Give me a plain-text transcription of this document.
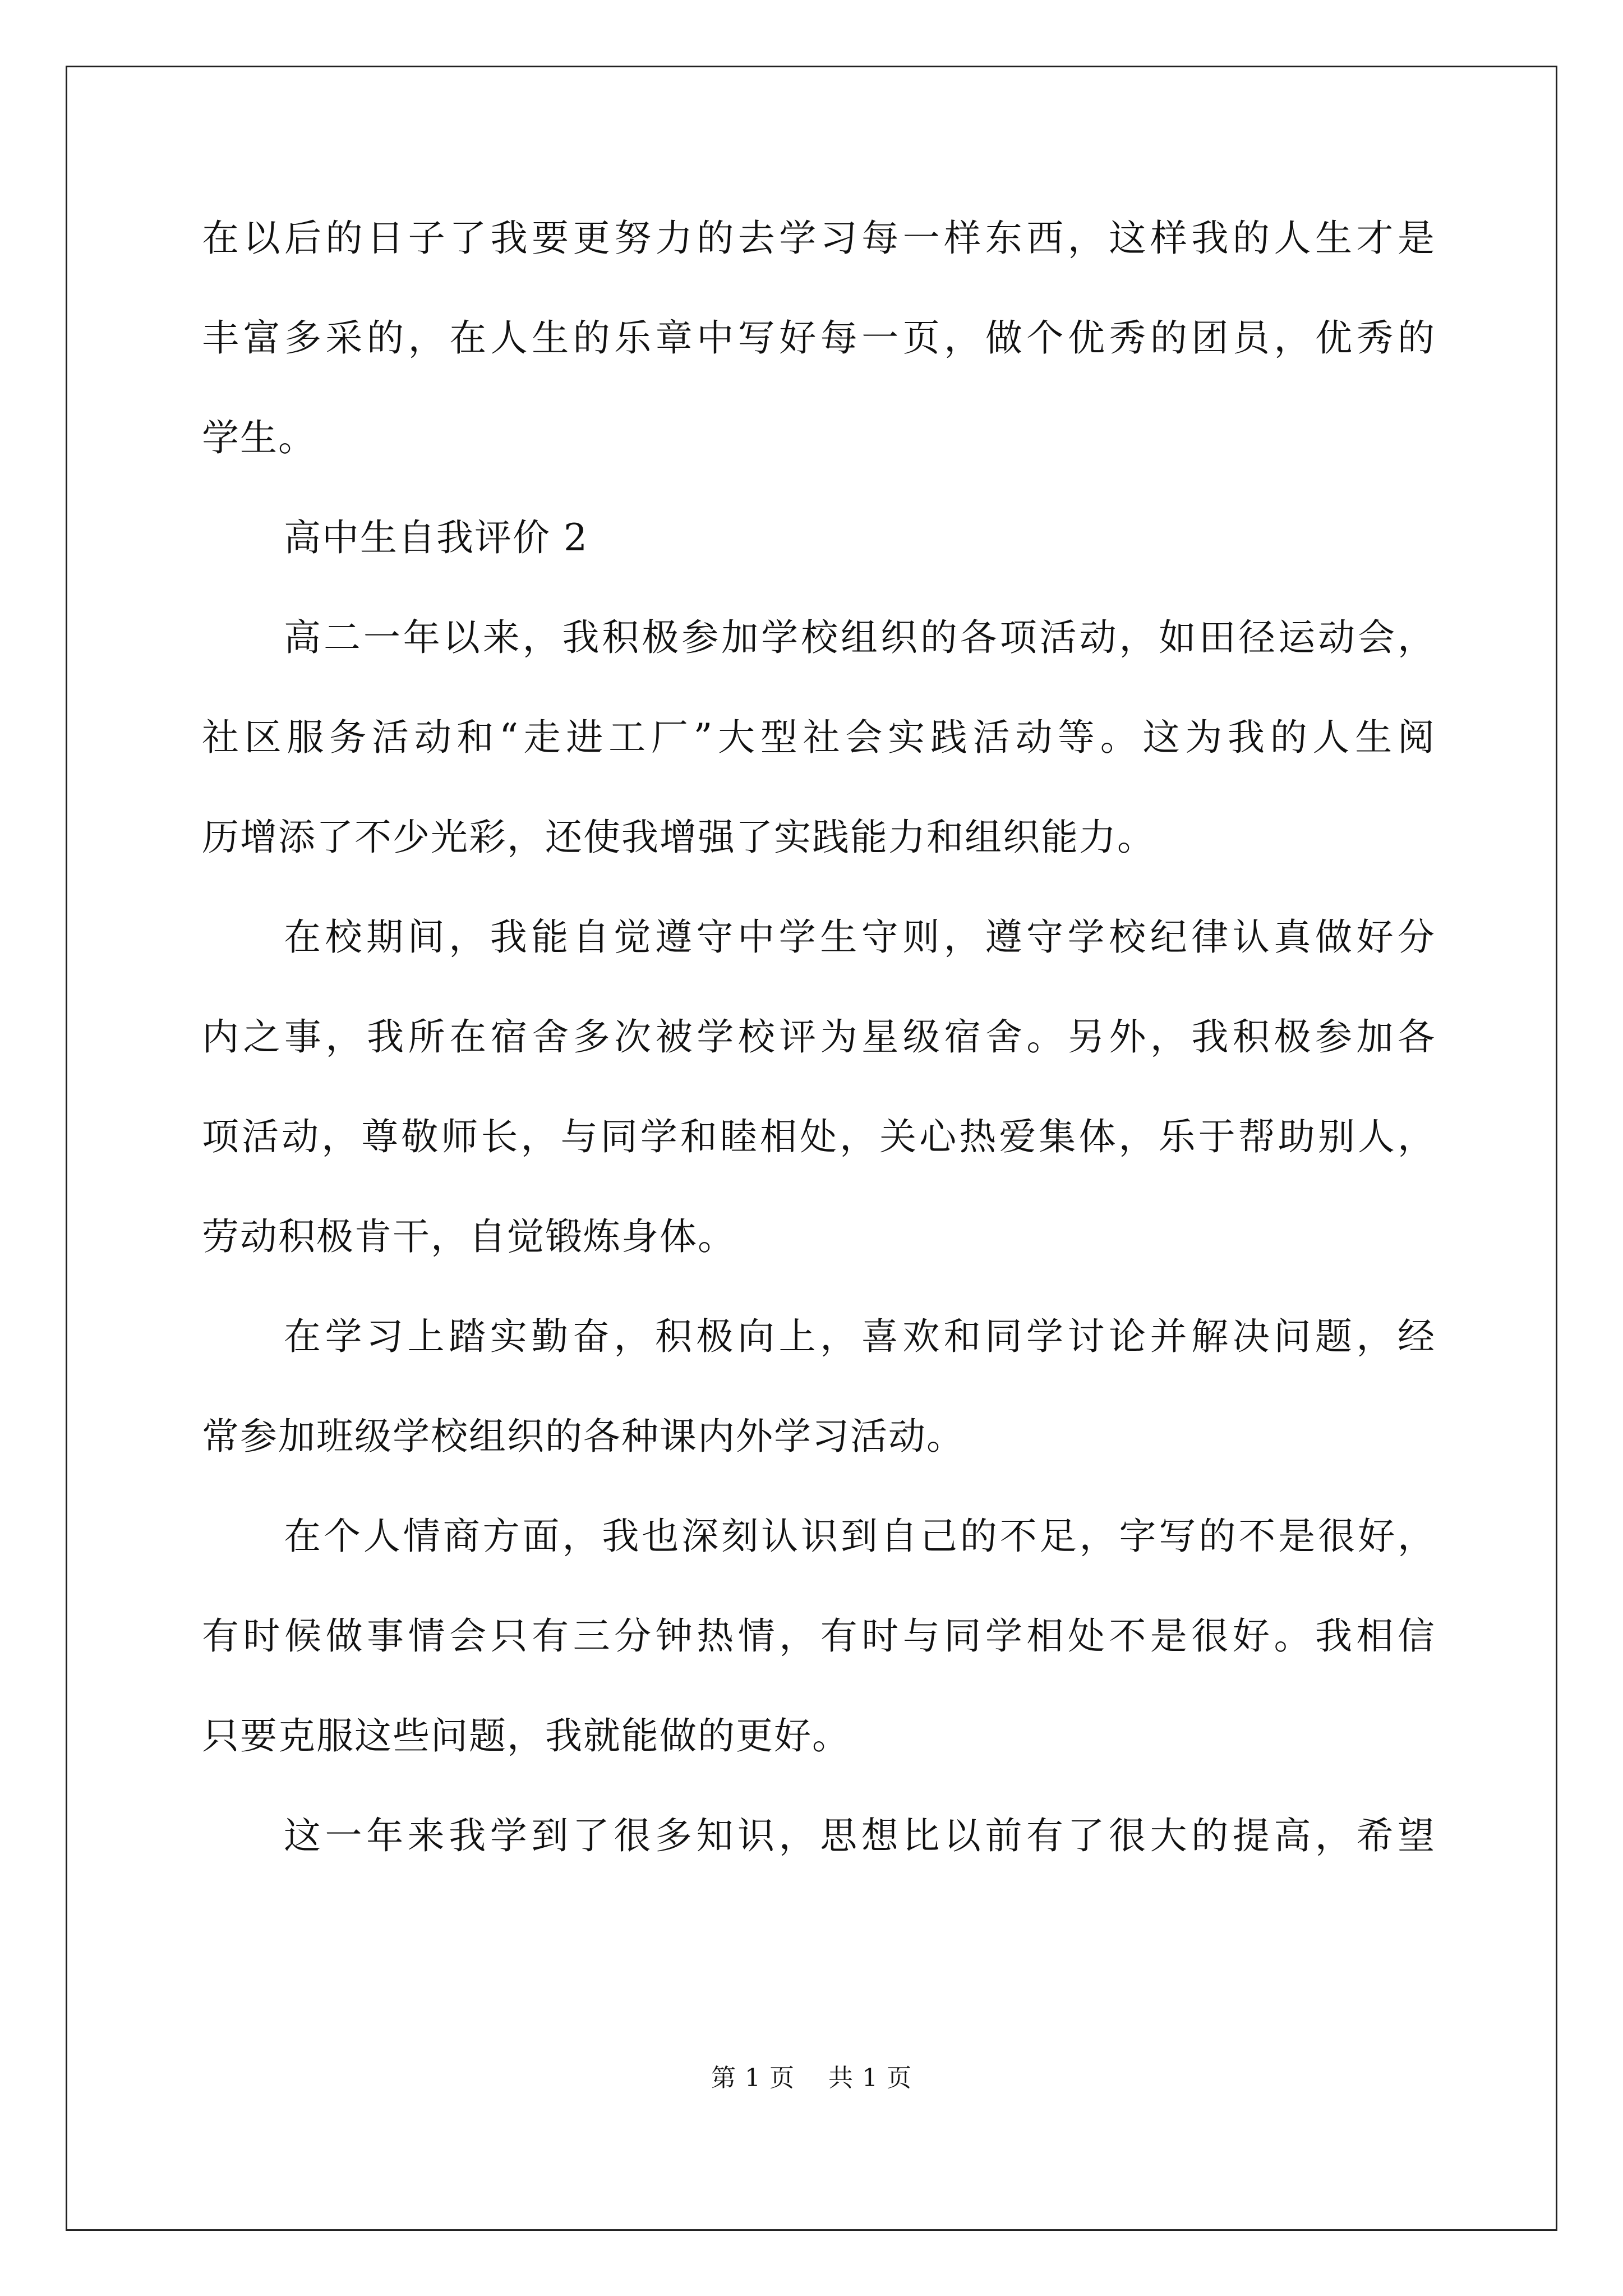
在以后的日子了我要更努力的去学习每一样东西，这样我的人生才是
丰富多采的，在人生的乐章中写好每一页，做个优秀的团员，优秀的
学生。
高中生自我评价 2
高二一年以来，我积极参加学校组织的各项活动，如田径运动会，
社区服务活动和“走进工厂”大型社会实践活动等。这为我的人生阅
历增添了不少光彩，还使我增强了实践能力和组织能力。
在校期间，我能自觉遵守中学生守则，遵守学校纪律认真做好分
内之事，我所在宿舍多次被学校评为星级宿舍。另外，我积极参加各
项活动，尊敬师长，与同学和睦相处，关心热爱集体，乐于帮助别人，
劳动积极肯干，自觉锻炼身体。
在学习上踏实勤奋，积极向上，喜欢和同学讨论并解决问题，经
常参加班级学校组织的各种课内外学习活动。
在个人情商方面，我也深刻认识到自己的不足，字写的不是很好，
有时候做事情会只有三分钟热情，有时与同学相处不是很好。我相信
只要克服这些问题，我就能做的更好。
这一年来我学到了很多知识，思想比以前有了很大的提高，希望
第 1 页 共 1 页
